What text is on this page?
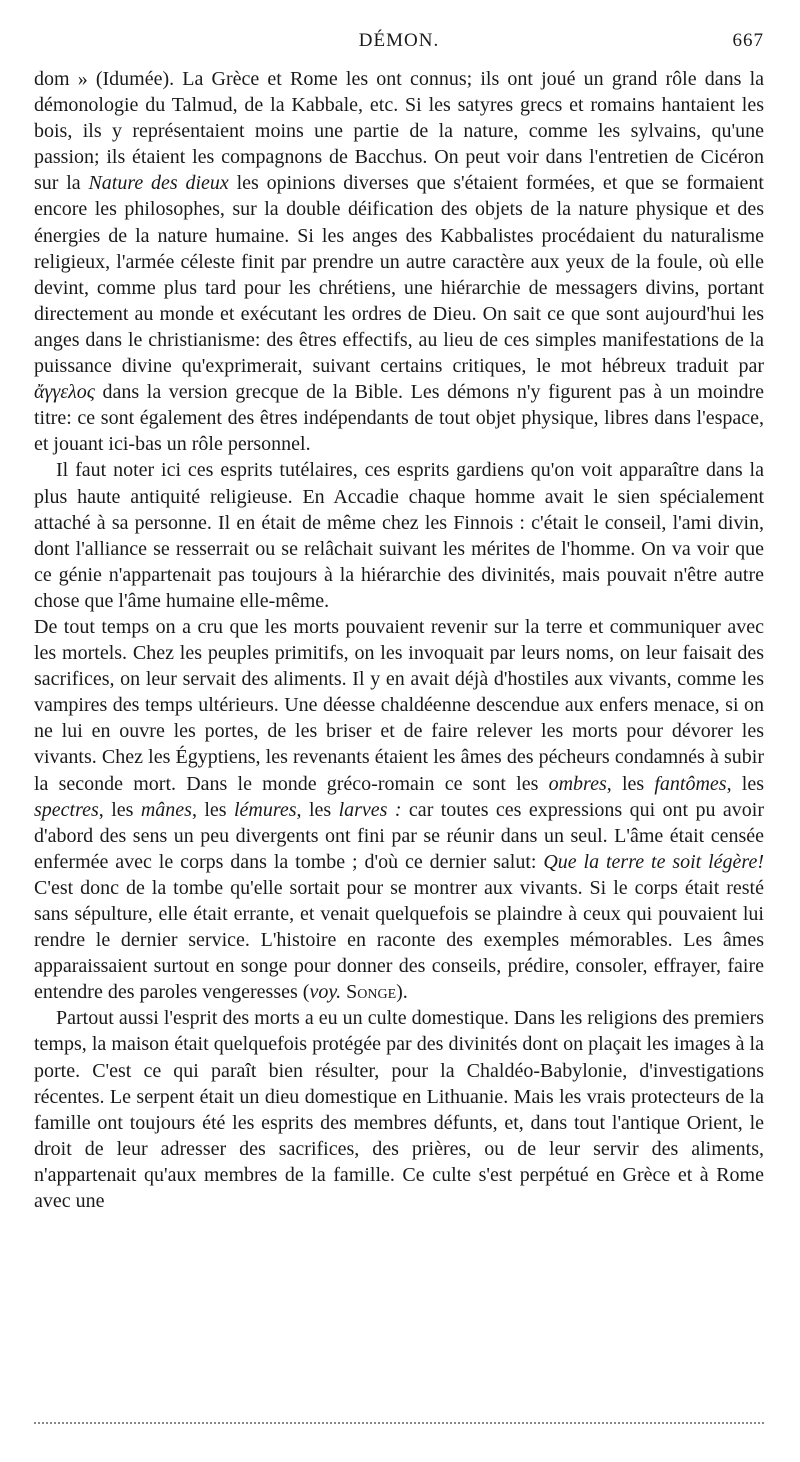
DÉMON.	667

dom » (Idumée). La Grèce et Rome les ont connus; ils ont joué un grand rôle dans la démonologie du Talmud, de la Kabbale, etc. Si les satyres grecs et romains hantaient les bois, ils y représentaient moins une partie de la nature, comme les sylvains, qu'une passion; ils étaient les compagnons de Bacchus. On peut voir dans l'entretien de Cicéron sur la Nature des dieux les opinions diverses que s'étaient formées, et que se formaient encore les philosophes, sur la double déification des objets de la nature physique et des énergies de la nature humaine. Si les anges des Kabbalistes procédaient du naturalisme religieux, l'armée céleste finit par prendre un autre caractère aux yeux de la foule, où elle devint, comme plus tard pour les chrétiens, une hiérarchie de messagers divins, portant directement au monde et exécutant les ordres de Dieu. On sait ce que sont aujourd'hui les anges dans le christianisme: des êtres effectifs, au lieu de ces simples manifestations de la puissance divine qu'exprimerait, suivant certains critiques, le mot hébreux traduit par ἄγγελος dans la version grecque de la Bible. Les démons n'y figurent pas à un moindre titre: ce sont également des êtres indépendants de tout objet physique, libres dans l'espace, et jouant ici-bas un rôle personnel.

Il faut noter ici ces esprits tutélaires, ces esprits gardiens qu'on voit apparaître dans la plus haute antiquité religieuse. En Accadie chaque homme avait le sien spécialement attaché à sa personne. Il en était de même chez les Finnois : c'était le conseil, l'ami divin, dont l'alliance se resserrait ou se relâchait suivant les mérites de l'homme. On va voir que ce génie n'appartenait pas toujours à la hiérarchie des divinités, mais pouvait n'être autre chose que l'âme humaine elle-même.

De tout temps on a cru que les morts pouvaient revenir sur la terre et communiquer avec les mortels. Chez les peuples primitifs, on les invoquait par leurs noms, on leur faisait des sacrifices, on leur servait des aliments. Il y en avait déjà d'hostiles aux vivants, comme les vampires des temps ultérieurs. Une déesse chaldéenne descendue aux enfers menace, si on ne lui en ouvre les portes, de les briser et de faire relever les morts pour dévorer les vivants. Chez les Égyptiens, les revenants étaient les âmes des pécheurs condamnés à subir la seconde mort. Dans le monde gréco-romain ce sont les ombres, les fantômes, les spectres, les mânes, les lémures, les larves : car toutes ces expressions qui ont pu avoir d'abord des sens un peu divergents ont fini par se réunir dans un seul. L'âme était censée enfermée avec le corps dans la tombe ; d'où ce dernier salut: Que la terre te soit légère! C'est donc de la tombe qu'elle sortait pour se montrer aux vivants. Si le corps était resté sans sépulture, elle était errante, et venait quelquefois se plaindre à ceux qui pouvaient lui rendre le dernier service. L'histoire en raconte des exemples mémorables. Les âmes apparaissaient surtout en songe pour donner des conseils, prédire, consoler, effrayer, faire entendre des paroles vengeresses (voy. Songe).

Partout aussi l'esprit des morts a eu un culte domestique. Dans les religions des premiers temps, la maison était quelquefois protégée par des divinités dont on plaçait les images à la porte. C'est ce qui paraît bien résulter, pour la Chaldéo-Babylonie, d'investigations récentes. Le serpent était un dieu domestique en Lithuanie. Mais les vrais protecteurs de la famille ont toujours été les esprits des membres défunts, et, dans tout l'antique Orient, le droit de leur adresser des sacrifices, des prières, ou de leur servir des aliments, n'appartenait qu'aux membres de la famille. Ce culte s'est perpétué en Grèce et à Rome avec une
